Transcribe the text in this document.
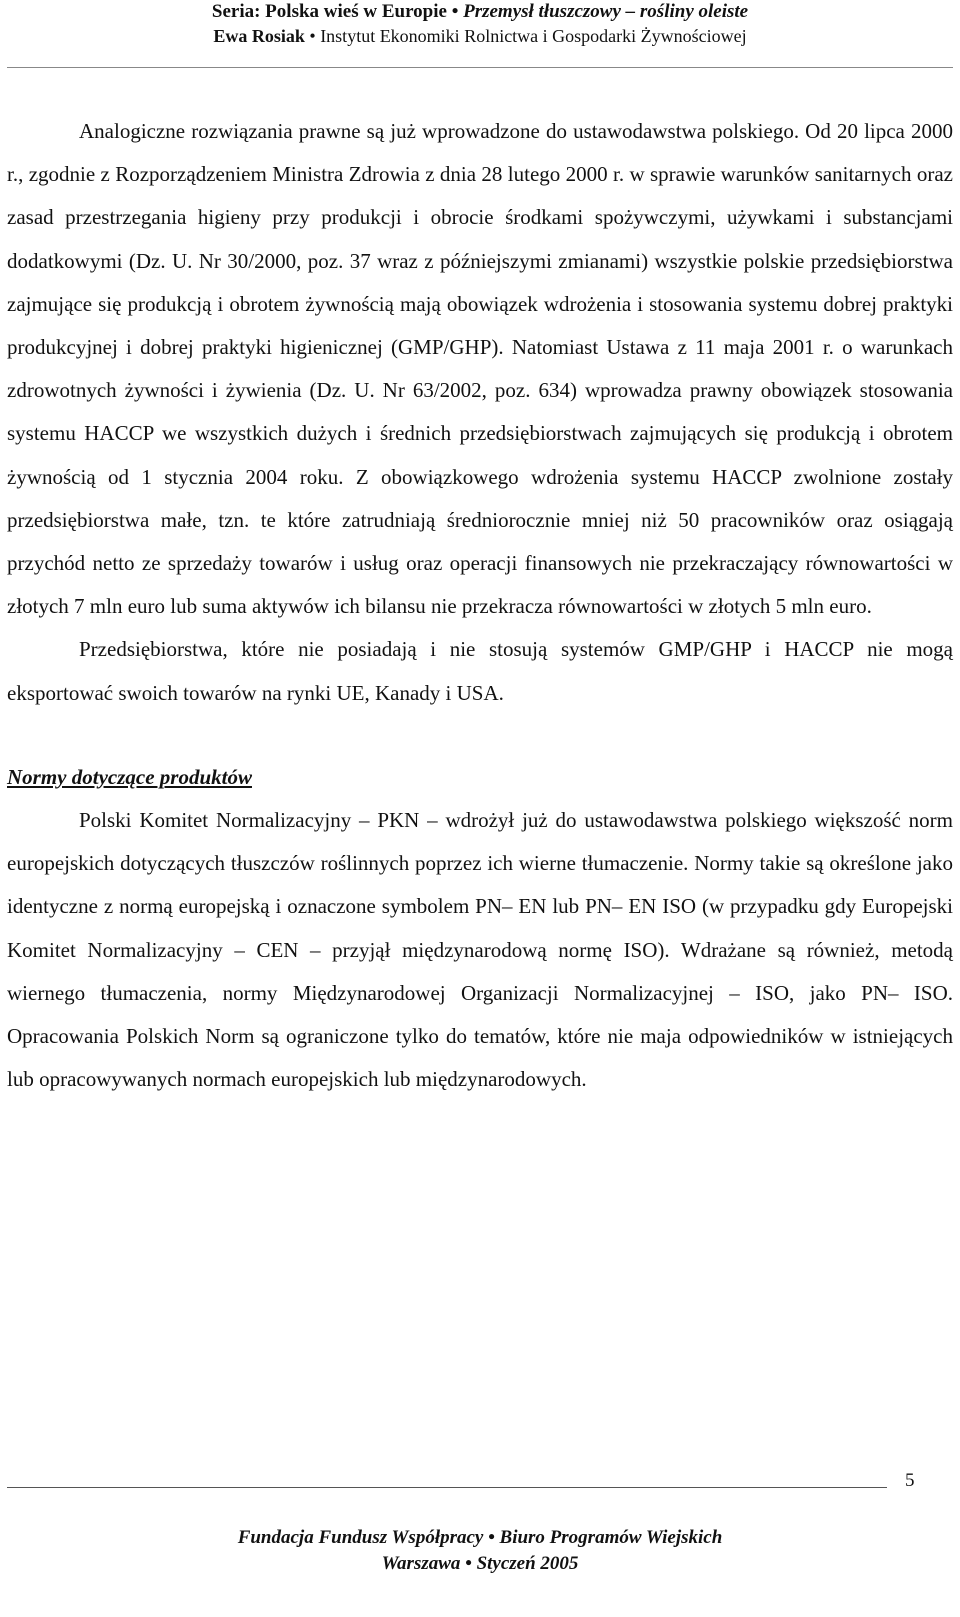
Seria: Polska wieś w Europie • Przemysł tłuszczowy – rośliny oleiste
Ewa Rosiak • Instytut Ekonomiki Rolnictwa i Gospodarki Żywnościowej

Analogiczne rozwiązania prawne są już wprowadzone do ustawodawstwa polskiego. Od 20 lipca 2000 r., zgodnie z Rozporządzeniem Ministra Zdrowia z dnia 28 lutego 2000 r. w sprawie warunków sanitarnych oraz zasad przestrzegania higieny przy produkcji i obrocie środkami spożywczymi, używkami i substancjami dodatkowymi (Dz. U. Nr 30/2000, poz. 37 wraz z późniejszymi zmianami) wszystkie polskie przedsiębiorstwa zajmujące się produkcją i obrotem żywnością mają obowiązek wdrożenia i stosowania systemu dobrej praktyki produkcyjnej i dobrej praktyki higienicznej (GMP/GHP). Natomiast Ustawa z 11 maja 2001 r. o warunkach zdrowotnych żywności i żywienia (Dz. U. Nr 63/2002, poz. 634) wprowadza prawny obowiązek stosowania systemu HACCP we wszystkich dużych i średnich przedsiębiorstwach zajmujących się produkcją i obrotem żywnością od 1 stycznia 2004 roku. Z obowiązkowego wdrożenia systemu HACCP zwolnione zostały przedsiębiorstwa małe, tzn. te które zatrudniają średniorocznie mniej niż 50 pracowników oraz osiągają przychód netto ze sprzedaży towarów i usług oraz operacji finansowych nie przekraczający równowartości w złotych 7 mln euro lub suma aktywów ich bilansu nie przekracza równowartości w złotych 5 mln euro.

Przedsiębiorstwa, które nie posiadają i nie stosują systemów GMP/GHP i HACCP nie mogą eksportować swoich towarów na rynki UE, Kanady i USA.

Normy dotyczące produktów

Polski Komitet Normalizacyjny – PKN – wdrożył już do ustawodawstwa polskiego większość norm europejskich dotyczących tłuszczów roślinnych poprzez ich wierne tłumaczenie. Normy takie są określone jako identyczne z normą europejską i oznaczone symbolem PN– EN lub PN– EN ISO (w przypadku gdy Europejski Komitet Normalizacyjny – CEN – przyjął międzynarodową normę ISO). Wdrażane są również, metodą wiernego tłumaczenia, normy Międzynarodowej Organizacji Normalizacyjnej – ISO, jako PN– ISO. Opracowania Polskich Norm są ograniczone tylko do tematów, które nie maja odpowiedników w istniejących lub opracowywanych normach europejskich lub międzynarodowych.

5
Fundacja Fundusz Współpracy • Biuro Programów Wiejskich
Warszawa • Styczeń 2005
